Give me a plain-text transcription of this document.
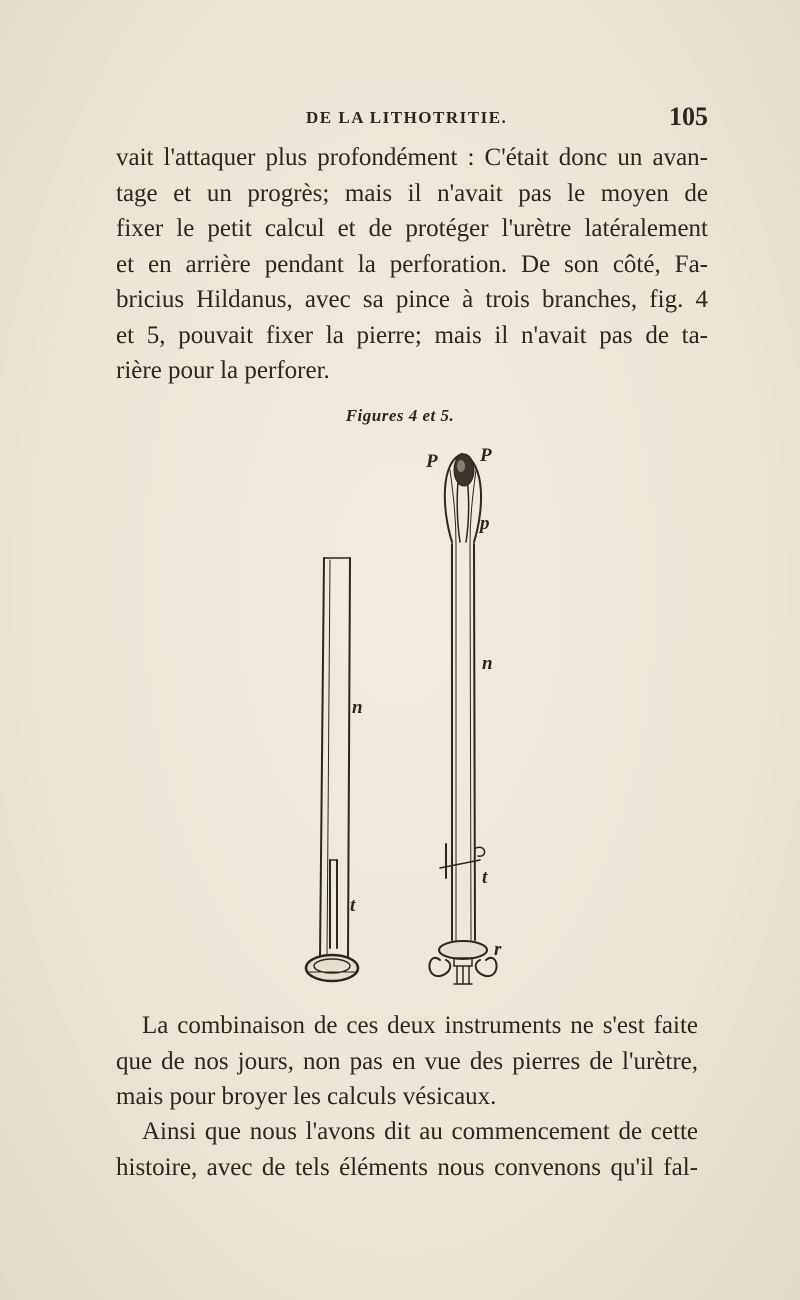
DE LA LITHOTRITIE.	105

vait l'attaquer plus profondément : C'était donc un avan-
tage et un progrès; mais il n'avait pas le moyen de
fixer le petit calcul et de protéger l'urètre latéralement
et en arrière pendant la perforation. De son côté, Fa-
bricius Hildanus, avec sa pince à trois branches, fig. 4
et 5, pouvait fixer la pierre; mais il n'avait pas de ta-
rière pour la perforer.

Figures 4 et 5.
P P
p
n
n
t
t
r

La combinaison de ces deux instruments ne s'est faite
que de nos jours, non pas en vue des pierres de l'urètre,
mais pour broyer les calculs vésicaux.

Ainsi que nous l'avons dit au commencement de cette
histoire, avec de tels éléments nous convenons qu'il fal-
